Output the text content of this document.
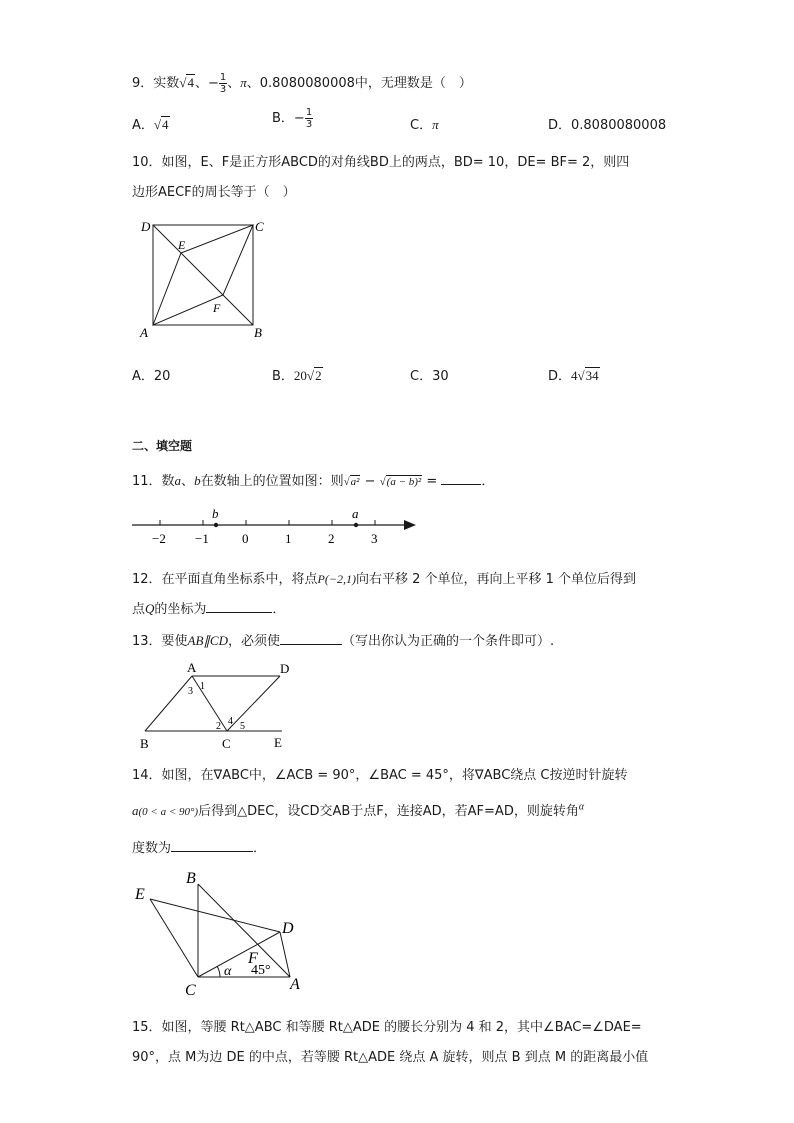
9．实数√4、− $\frac{1}{3}$ 、π、0.8080080008中，无理数是（　）
A．√4	B．− $\frac{1}{3}$	C．π	D．0.8080080008
10．如图，E、F是正方形ABCD的对角线BD上的两点，BD= 10，DE= BF= 2，则四
边形AECF的周长等于（　）
D	C
E
F
A	B
A．20	B．20√2	C．30	D．4√34
二、填空题
11．数a、b在数轴上的位置如图：则√a² − √(a − b)² =	．
b	a
−2 −1	0	1	2	3
12．在平面直角坐标系中，将点P(−2,1)向右平移 2 个单位，再向上平移 1 个单位后得到
点Q的坐标为	．
13．要使AB∥CD，必须使	（写出你认为正确的一个条件即可）.
A	D
B	C	E
1
3
2 4 5
14．如图，在∇ABC中，∠ACB = 90°，∠BAC = 45°，将∇ABC绕点 C按逆时针旋转
a(0 < a < 90°)后得到△DEC，设CD交AB于点F，连接AD，若AF=AD，则旋转角$^\alpha$
度数为	．
E
B
D
F
C	A
α 45°
15．如图，等腰 Rt△ABC 和等腰 Rt△ADE 的腰长分别为 4 和 2，其中∠BAC=∠DAE=
90°，点 M为边 DE 的中点，若等腰 Rt△ADE 绕点 A 旋转，则点 B 到点 M 的距离最小值
